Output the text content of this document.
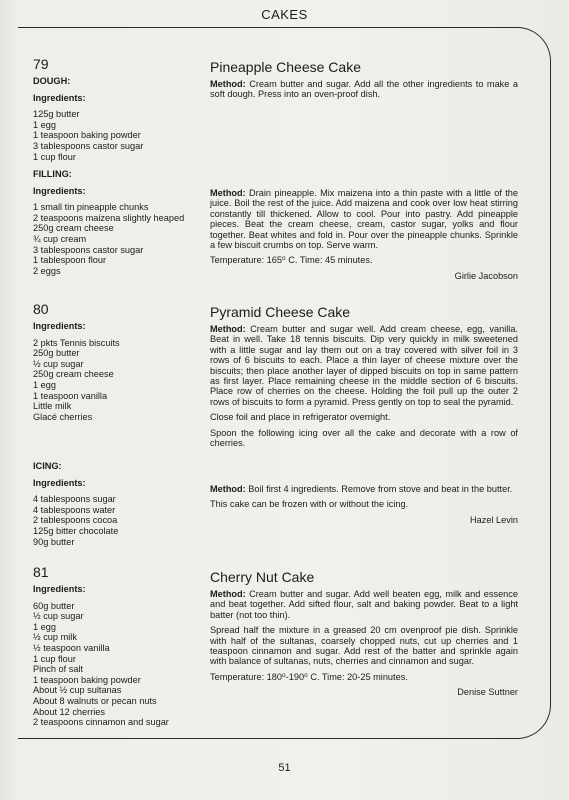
CAKES
79

DOUGH:

Ingredients:

125g butter
1 egg
1 teaspoon baking powder
3 tablespoons castor sugar
1 cup flour

FILLING:

Ingredients:

1 small tin pineapple chunks
2 teaspoons maizena slightly heaped
250g cream cheese
¾ cup cream
3 tablespoons castor sugar
1 tablespoon flour
2 eggs
Pineapple Cheese Cake

Method: Cream butter and sugar. Add all the other ingredients to make a soft dough. Press into an oven-proof dish.

Method: Drain pineapple. Mix maizena into a thin paste with a little of the juice. Boil the rest of the juice. Add maizena and cook over low heat stirring constantly till thickened. Allow to cool. Pour into pastry. Add pineapple pieces. Beat the cream cheese, cream, castor sugar, yolks and flour together. Beat whites and fold in. Pour over the pineapple chunks. Sprinkle a few biscuit crumbs on top. Serve warm.

Temperature: 165⁰ C. Time: 45 minutes.

Girlie Jacobson
80

Ingredients:

2 pkts Tennis biscuits
250g butter
½ cup sugar
250g cream cheese
1 egg
1 teaspoon vanilla
Little milk
Glacé cherries

ICING:

Ingredients:

4 tablespoons sugar
4 tablespoons water
2 tablespoons cocoa
125g bitter chocolate
90g butter
Pyramid Cheese Cake

Method: Cream butter and sugar well. Add cream cheese, egg, vanilla. Beat in well. Take 18 tennis biscuits. Dip very quickly in milk sweetened with a little sugar and lay them out on a tray covered with silver foil in 3 rows of 6 biscuits to each. Place a thin layer of cheese mixture over the biscuits; then place another layer of dipped biscuits on top in same pattern as first layer. Place remaining cheese in the middle section of 6 biscuits. Place row of cherries on the cheese. Holding the foil pull up the outer 2 rows of biscuits to form a pyramid. Press gently on top to seal the pyramid.

Close foil and place in refrigerator overnight.

Spoon the following icing over all the cake and decorate with a row of cherries.

Method: Boil first 4 ingredients. Remove from stove and beat in the butter.

This cake can be frozen with or without the icing.

Hazel Levin
81

Ingredients:

60g butter
½ cup sugar
1 egg
½ cup milk
½ teaspoon vanilla
1 cup flour
Pinch of salt
1 teaspoon baking powder
About ½ cup sultanas
About 8 walnuts or pecan nuts
About 12 cherries
2 teaspoons cinnamon and sugar
Cherry Nut Cake

Method: Cream butter and sugar. Add well beaten egg, milk and essence and beat together. Add sifted flour, salt and baking powder. Beat to a light batter (not too thin).

Spread half the mixture in a greased 20 cm ovenproof pie dish. Sprinkle with half of the sultanas, coarsely chopped nuts, cut up cherries and 1 teaspoon cinnamon and sugar. Add rest of the batter and sprinkle again with balance of sultanas, nuts, cherries and cinnamon and sugar.

Temperature: 180⁰-190⁰ C. Time: 20-25 minutes.

Denise Suttner
51
